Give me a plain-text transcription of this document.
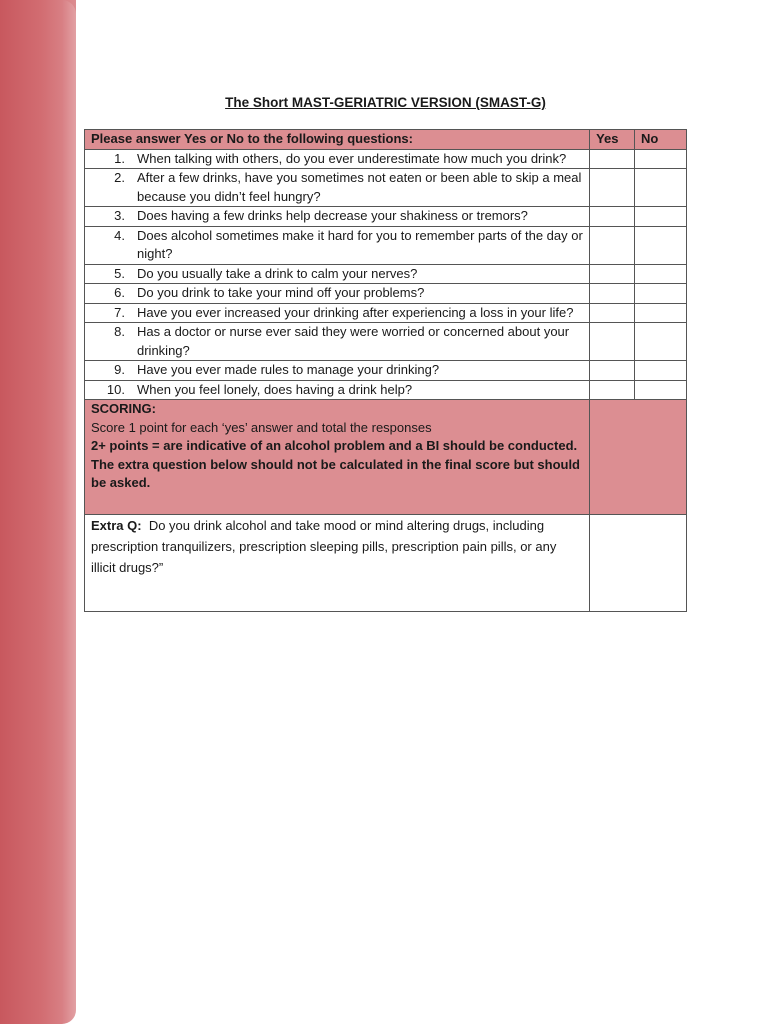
The Short MAST-GERIATRIC VERSION (SMAST-G)
Please answer Yes or No to the following questions:	Yes	No

1. When talking with others, do you ever underestimate how much you drink?		

2. After a few drinks, have you sometimes not eaten or been able to skip a meal because you didn’t feel hungry?		

3. Does having a few drinks help decrease your shakiness or tremors?		

4. Does alcohol sometimes make it hard for you to remember parts of the day or night?		

5. Do you usually take a drink to calm your nerves?		

6. Do you drink to take your mind off your problems?		

7. Have you ever increased your drinking after experiencing a loss in your life?		

8. Has a doctor or nurse ever said they were worried or concerned about your drinking?		

9. Have you ever made rules to manage your drinking?		

10. When you feel lonely, does having a drink help?		

SCORING:
Score 1 point for each ‘yes’ answer and total the responses
2+ points = are indicative of an alcohol problem and a BI should be conducted. The extra question below should not be calculated in the final score but should be asked.		

Extra Q: Do you drink alcohol and take mood or mind altering drugs, including prescription tranquilizers, prescription sleeping pills, prescription pain pills, or any illicit drugs?”		
